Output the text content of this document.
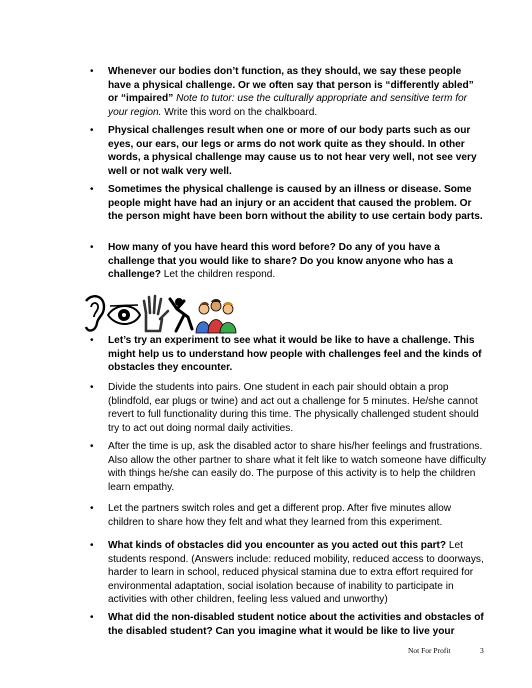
• Whenever our bodies don’t function, as they should, we say these people have a physical challenge. Or we often say that person is “differently abled” or “impaired” Note to tutor: use the culturally appropriate and sensitive term for your region. Write this word on the chalkboard.
• Physical challenges result when one or more of our body parts such as our eyes, our ears, our legs or arms do not work quite as they should. In other words, a physical challenge may cause us to not hear very well, not see very well or not walk very well.
• Sometimes the physical challenge is caused by an illness or disease. Some people might have had an injury or an accident that caused the problem. Or the person might have been born without the ability to use certain body parts.
• How many of you have heard this word before? Do any of you have a challenge that you would like to share? Do you know anyone who has a challenge? Let the children respond.
• Let’s try an experiment to see what it would be like to have a challenge. This might help us to understand how people with challenges feel and the kinds of obstacles they encounter.
• Divide the students into pairs. One student in each pair should obtain a prop (blindfold, ear plugs or twine) and act out a challenge for 5 minutes. He/she cannot revert to full functionality during this time. The physically challenged student should try to act out doing normal daily activities.
• After the time is up, ask the disabled actor to share his/her feelings and frustrations. Also allow the other partner to share what it felt like to watch someone have difficulty with things he/she can easily do. The purpose of this activity is to help the children learn empathy.
• Let the partners switch roles and get a different prop. After five minutes allow children to share how they felt and what they learned from this experiment.
• What kinds of obstacles did you encounter as you acted out this part? Let students respond. (Answers include: reduced mobility, reduced access to doorways, harder to learn in school, reduced physical stamina due to extra effort required for environmental adaptation, social isolation because of inability to participate in activities with other children, feeling less valued and unworthy)
• What did the non-disabled student notice about the activities and obstacles of the disabled student? Can you imagine what it would be like to live your
Not For Profit	3
